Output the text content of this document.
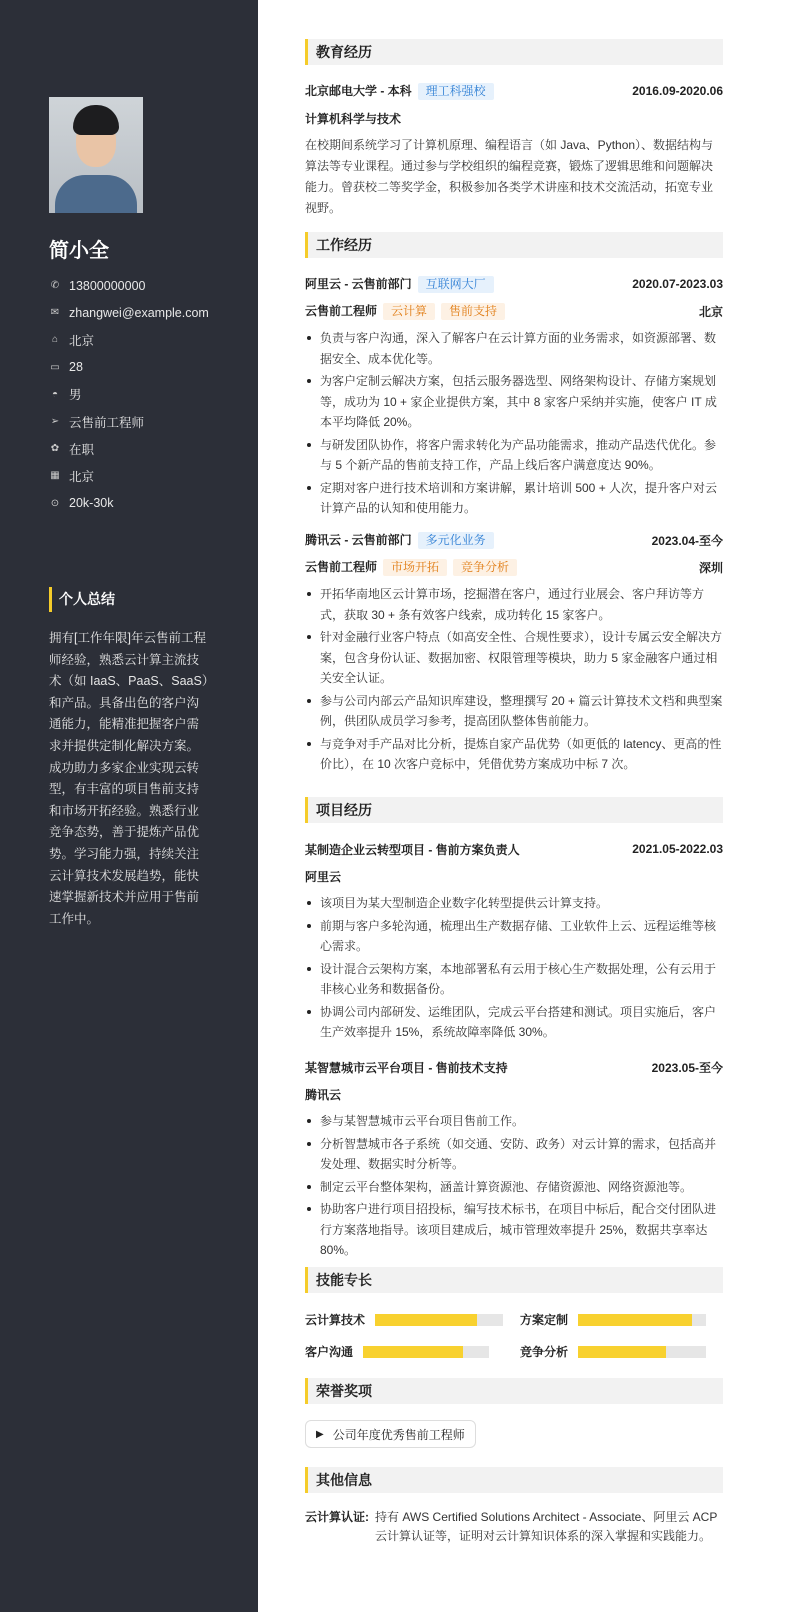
简小全
✆ 13800000000
✉ zhangwei@example.com
⌂ 北京
▭ 28
◓ 男
➢ 云售前工程师
✿ 在职
▦ 北京
⊙ 20k-30k
个人总结
拥有[工作年限]年云售前工程师经验，熟悉云计算主流技术（如 IaaS、PaaS、SaaS）和产品。具备出色的客户沟通能力，能精准把握客户需求并提供定制化解决方案。成功助力多家企业实现云转型，有丰富的项目售前支持和市场开拓经验。熟悉行业竞争态势，善于提炼产品优势。学习能力强，持续关注云计算技术发展趋势，能快速掌握新技术并应用于售前工作中。
教育经历
北京邮电大学 - 本科 理工科强校	2016.09-2020.06
计算机科学与技术

在校期间系统学习了计算机原理、编程语言（如 Java、Python）、数据结构与算法等专业课程。通过参与学校组织的编程竞赛，锻炼了逻辑思维和问题解决能力。曾获校二等奖学金，积极参加各类学术讲座和技术交流活动，拓宽专业视野。

工作经历
阿里云 - 云售前部门 互联网大厂	2020.07-2023.03
云售前工程师 云计算 售前支持	北京
负责与客户沟通，深入了解客户在云计算方面的业务需求，如资源部署、数据安全、成本优化等。
为客户定制云解决方案，包括云服务器选型、网络架构设计、存储方案规划等，成功为 10 + 家企业提供方案，其中 8 家客户采纳并实施，使客户 IT 成本平均降低 20%。
与研发团队协作，将客户需求转化为产品功能需求，推动产品迭代优化。参与 5 个新产品的售前支持工作，产品上线后客户满意度达 90%。
定期对客户进行技术培训和方案讲解，累计培训 500 + 人次，提升客户对云计算产品的认知和使用能力。
腾讯云 - 云售前部门 多元化业务	2023.04-至今
云售前工程师 市场开拓 竞争分析	深圳
开拓华南地区云计算市场，挖掘潜在客户，通过行业展会、客户拜访等方式，获取 30 + 条有效客户线索，成功转化 15 家客户。
针对金融行业客户特点（如高安全性、合规性要求），设计专属云安全解决方案，包含身份认证、数据加密、权限管理等模块，助力 5 家金融客户通过相关安全认证。
参与公司内部云产品知识库建设，整理撰写 20 + 篇云计算技术文档和典型案例，供团队成员学习参考，提高团队整体售前能力。
与竞争对手产品对比分析，提炼自家产品优势（如更低的 latency、更高的性价比），在 10 次客户竞标中，凭借优势方案成功中标 7 次。
项目经历
某制造企业云转型项目 - 售前方案负责人	2021.05-2022.03
阿里云
该项目为某大型制造企业数字化转型提供云计算支持。
前期与客户多轮沟通，梳理出生产数据存储、工业软件上云、远程运维等核心需求。
设计混合云架构方案，本地部署私有云用于核心生产数据处理，公有云用于非核心业务和数据备份。
协调公司内部研发、运维团队，完成云平台搭建和测试。项目实施后，客户生产效率提升 15%，系统故障率降低 30%。
某智慧城市云平台项目 - 售前技术支持	2023.05-至今
腾讯云
参与某智慧城市云平台项目售前工作。
分析智慧城市各子系统（如交通、安防、政务）对云计算的需求，包括高并发处理、数据实时分析等。
制定云平台整体架构，涵盖计算资源池、存储资源池、网络资源池等。
协助客户进行项目招投标，编写技术标书，在项目中标后，配合交付团队进行方案落地指导。该项目建成后，城市管理效率提升 25%，数据共享率达 80%。
技能专长
云计算技术	方案定制
客户沟通	竞争分析
荣誉奖项
▶ 公司年度优秀售前工程师
其他信息
云计算认证: 持有 AWS Certified Solutions Architect - Associate、阿里云 ACP 云计算认证等，证明对云计算知识体系的深入掌握和实践能力。
